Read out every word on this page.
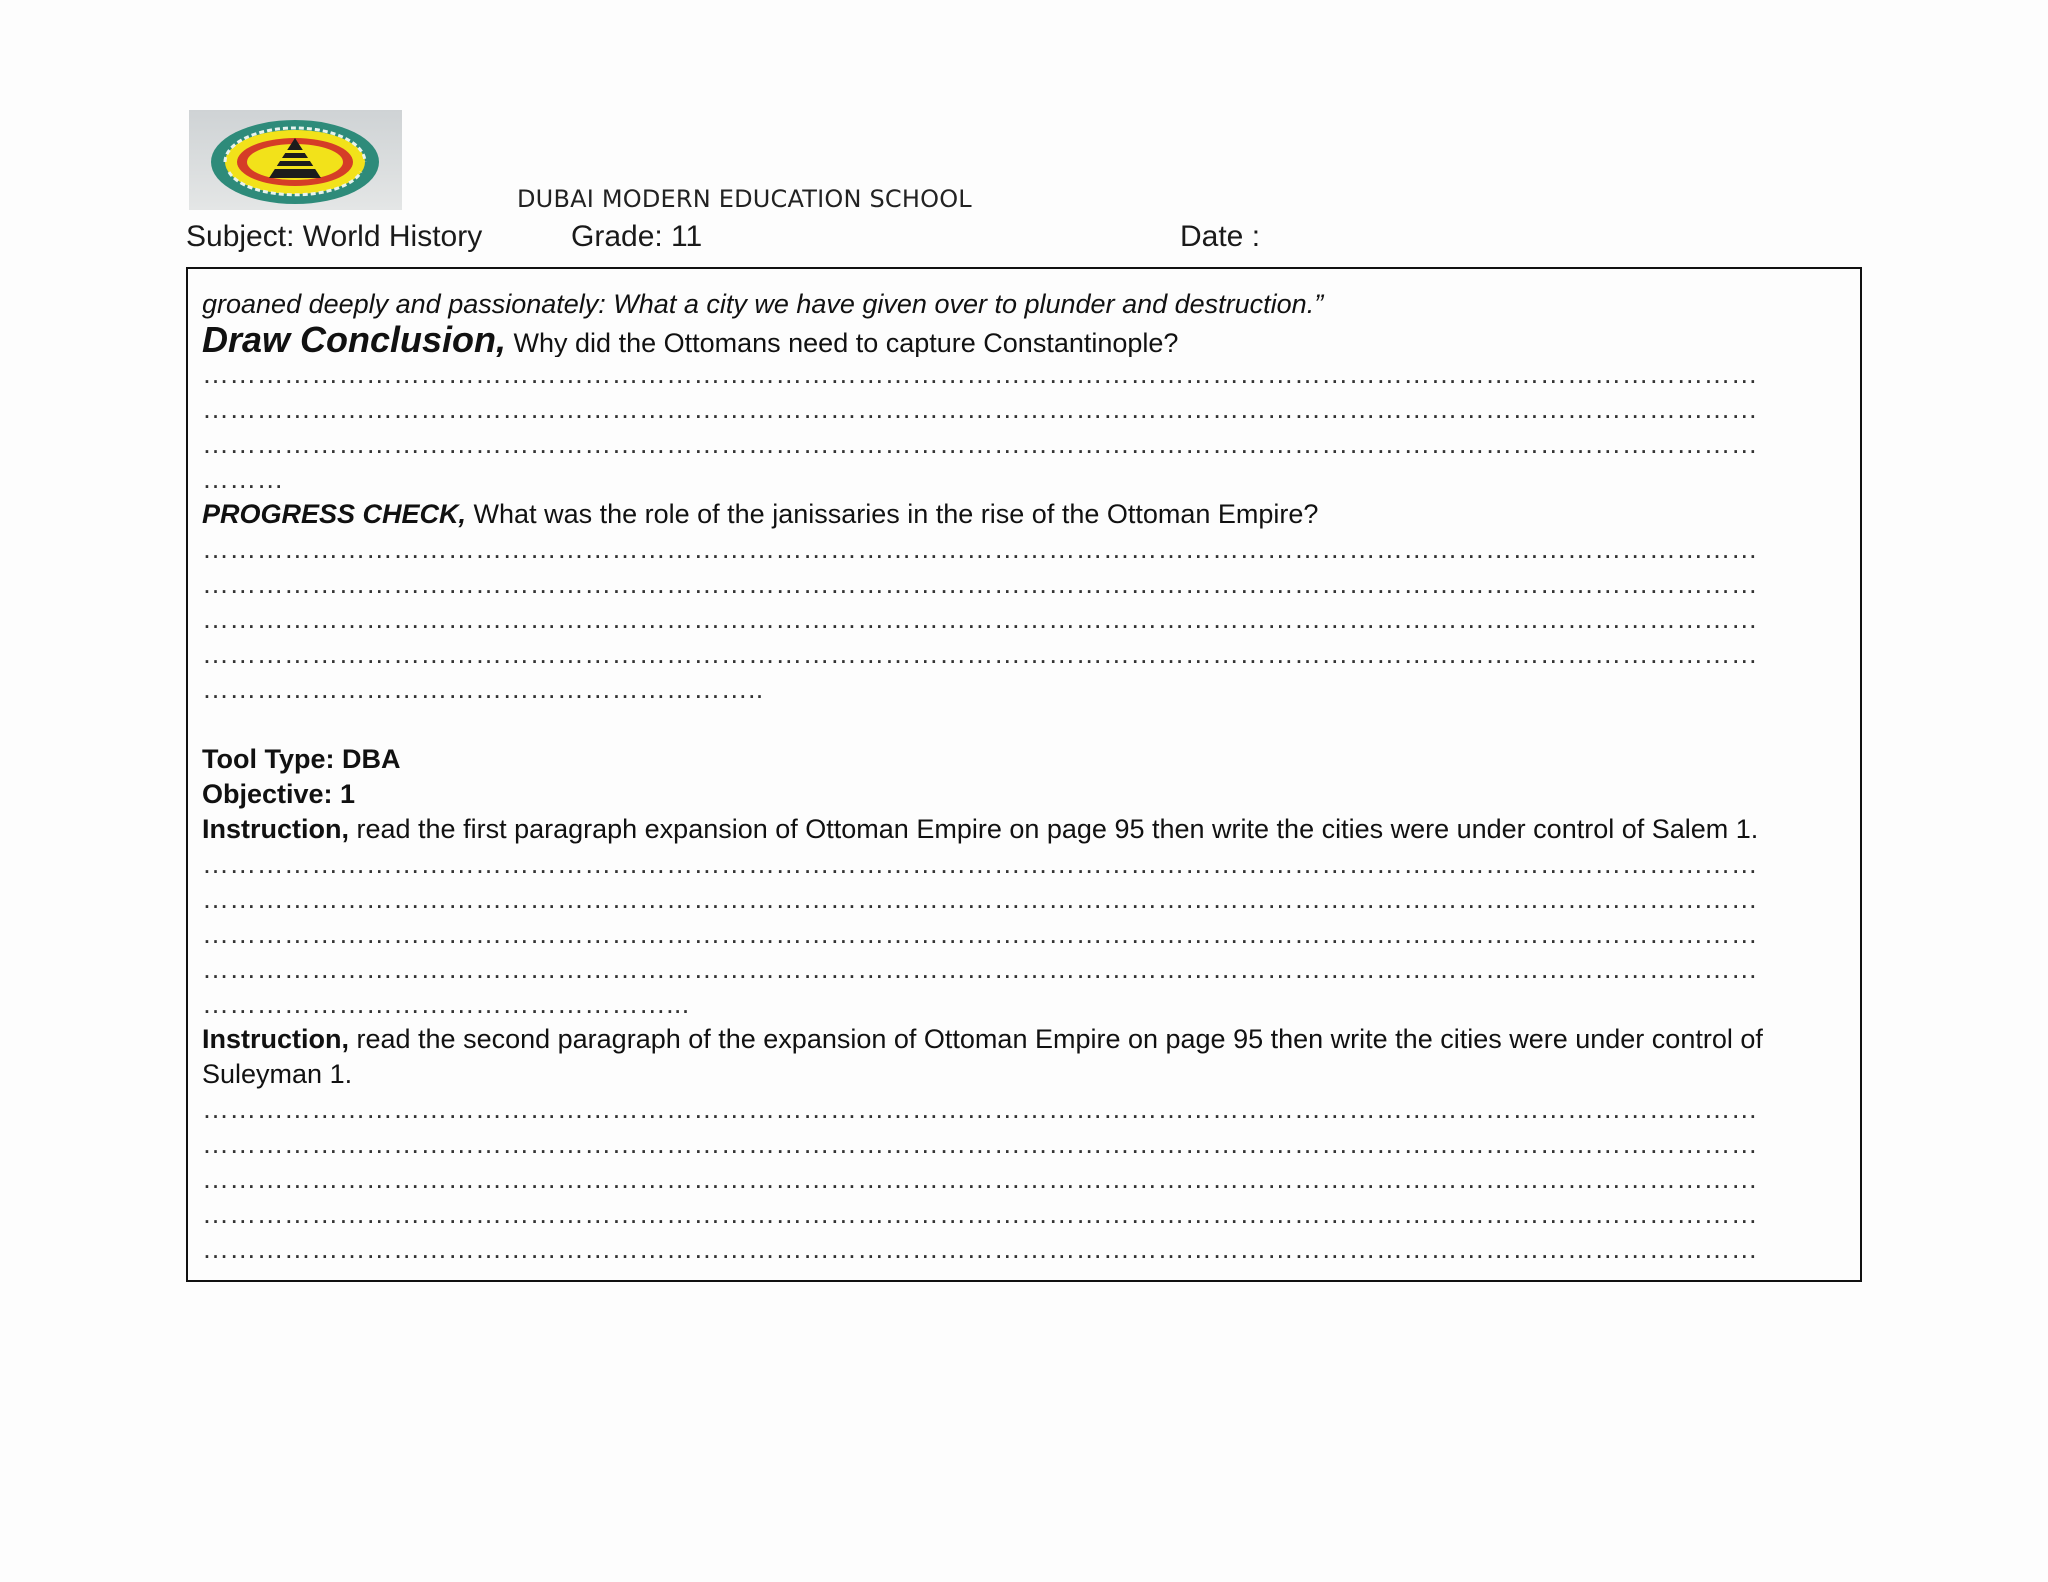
DUBAI MODERN EDUCATION SCHOOL
Subject: World History	Grade: 11	Date :
groaned deeply and passionately: What a city we have given over to plunder and destruction.”
Draw Conclusion, Why did the Ottomans need to capture Constantinople?
………………………………………………………………………………………………………………………………………………………
………………………………………………………………………………………………………………………………………………………
………………………………………………………………………………………………………………………………………………………
………
PROGRESS CHECK, What was the role of the janissaries in the rise of the Ottoman Empire?
………………………………………………………………………………………………………………………………………………………
………………………………………………………………………………………………………………………………………………………
………………………………………………………………………………………………………………………………………………………
………………………………………………………………………………………………………………………………………………………
……………………………………………………..
Tool Type: DBA
Objective: 1
Instruction, read the first paragraph expansion of Ottoman Empire on page 95 then write the cities were under control of Salem 1.
………………………………………………………………………………………………………………………………………………………
………………………………………………………………………………………………………………………………………………………
………………………………………………………………………………………………………………………………………………………
………………………………………………………………………………………………………………………………………………………
……………………………………………...
Instruction, read the second paragraph of the expansion of Ottoman Empire on page 95 then write the cities were under control of Suleyman 1.
………………………………………………………………………………………………………………………………………………………
………………………………………………………………………………………………………………………………………………………
………………………………………………………………………………………………………………………………………………………
………………………………………………………………………………………………………………………………………………………
………………………………………………………………………………………………………………………………………………………
